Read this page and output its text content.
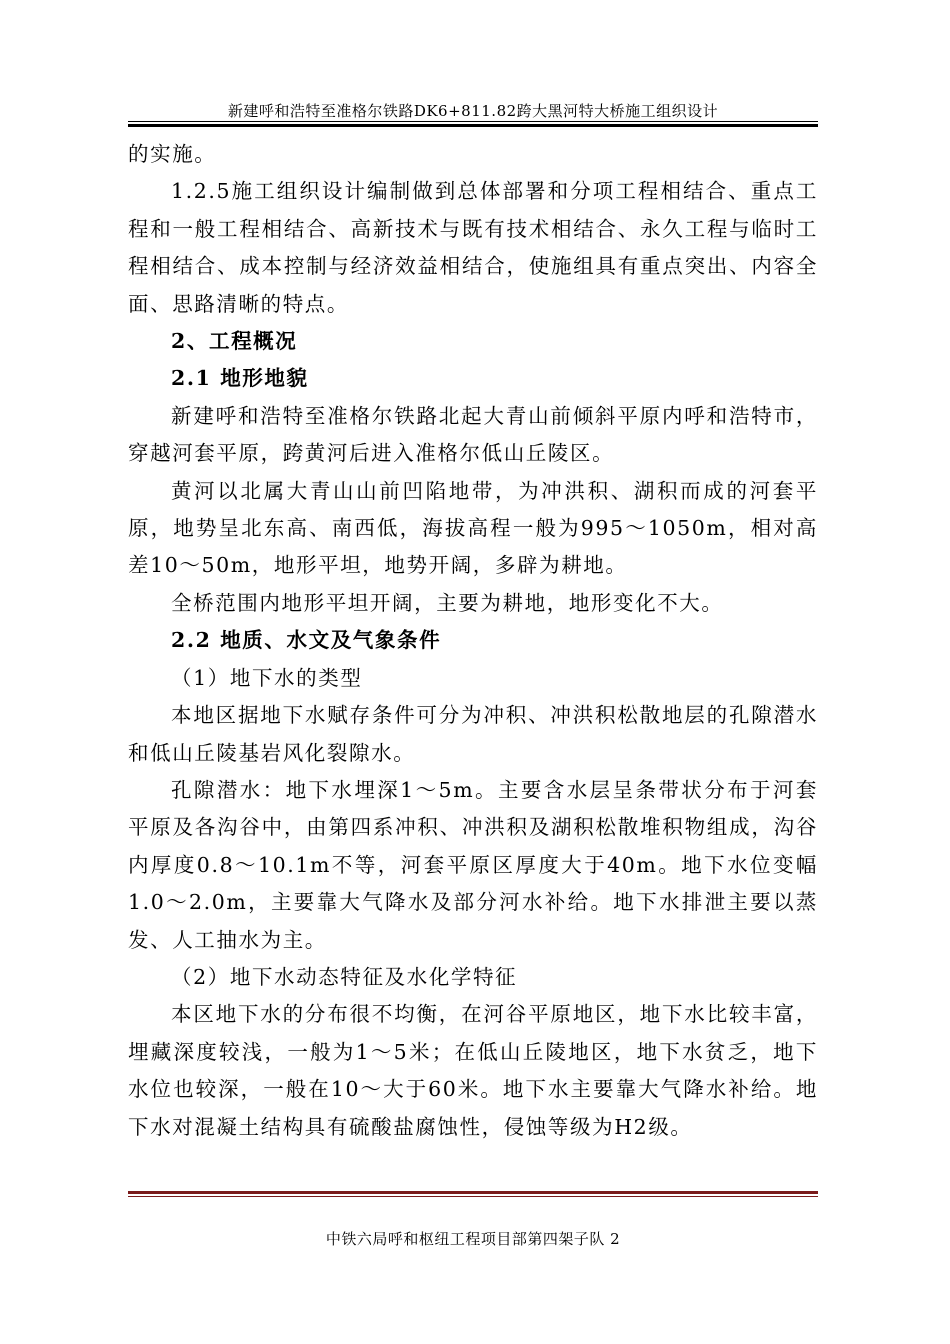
新建呼和浩特至准格尔铁路DK6+811.82跨大黑河特大桥施工组织设计

的实施。

1.2.5施工组织设计编制做到总体部署和分项工程相结合、重点工程和一般工程相结合、高新技术与既有技术相结合、永久工程与临时工程相结合、成本控制与经济效益相结合，使施组具有重点突出、内容全面、思路清晰的特点。

2、工程概况

2.1 地形地貌

新建呼和浩特至准格尔铁路北起大青山前倾斜平原内呼和浩特市，穿越河套平原，跨黄河后进入准格尔低山丘陵区。

黄河以北属大青山山前凹陷地带，为冲洪积、湖积而成的河套平原，地势呈北东高、南西低，海拔高程一般为995～1050m，相对高差10～50m，地形平坦，地势开阔，多辟为耕地。

全桥范围内地形平坦开阔，主要为耕地，地形变化不大。

2.2 地质、水文及气象条件

（1）地下水的类型

本地区据地下水赋存条件可分为冲积、冲洪积松散地层的孔隙潜水和低山丘陵基岩风化裂隙水。

孔隙潜水：地下水埋深1～5m。主要含水层呈条带状分布于河套平原及各沟谷中，由第四系冲积、冲洪积及湖积松散堆积物组成，沟谷内厚度0.8～10.1m不等，河套平原区厚度大于40m。地下水位变幅1.0～2.0m，主要靠大气降水及部分河水补给。地下水排泄主要以蒸发、人工抽水为主。

（2）地下水动态特征及水化学特征

本区地下水的分布很不均衡，在河谷平原地区，地下水比较丰富，埋藏深度较浅，一般为1～5米；在低山丘陵地区，地下水贫乏，地下水位也较深，一般在10～大于60米。地下水主要靠大气降水补给。地下水对混凝土结构具有硫酸盐腐蚀性，侵蚀等级为H2级。

中铁六局呼和枢纽工程项目部第四架子队 2
